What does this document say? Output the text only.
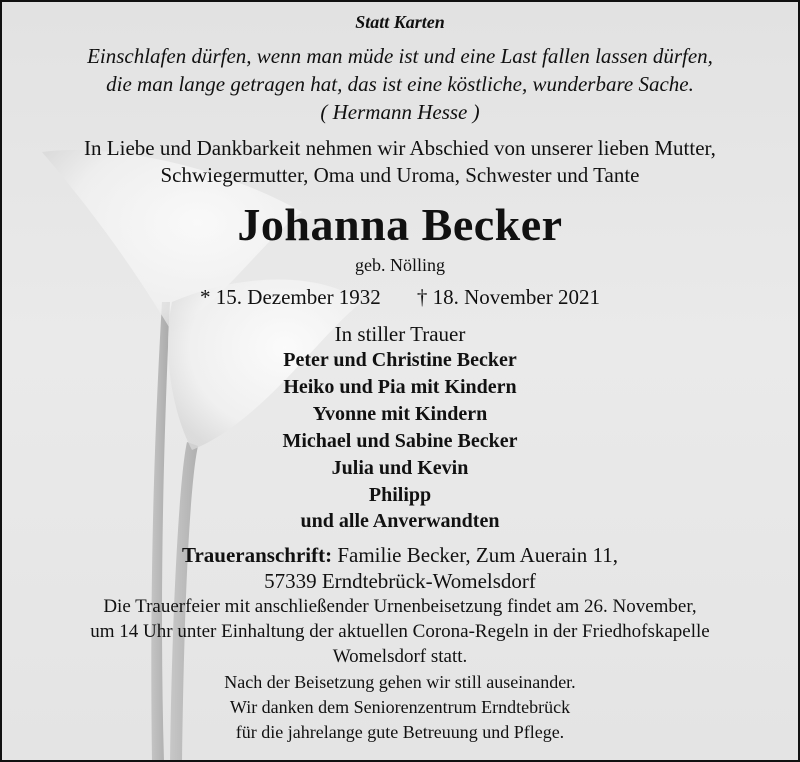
Statt Karten
Einschlafen dürfen, wenn man müde ist und eine Last fallen lassen dürfen,
die man lange getragen hat, das ist eine köstliche, wunderbare Sache.
( Hermann Hesse )
In Liebe und Dankbarkeit nehmen wir Abschied von unserer lieben Mutter,
Schwiegermutter, Oma und Uroma, Schwester und Tante
Johanna Becker
geb. Nölling
* 15. Dezember 1932 † 18. November 2021
In stiller Trauer
Peter und Christine Becker
Heiko und Pia mit Kindern
Yvonne mit Kindern
Michael und Sabine Becker
Julia und Kevin
Philipp
und alle Anverwandten
Traueranschrift: Familie Becker, Zum Auerain 11,
57339 Erndtebrück-Womelsdorf
Die Trauerfeier mit anschließender Urnenbeisetzung findet am 26. November,
um 14 Uhr unter Einhaltung der aktuellen Corona-Regeln in der Friedhofskapelle
Womelsdorf statt.
Nach der Beisetzung gehen wir still auseinander.
Wir danken dem Seniorenzentrum Erndtebrück
für die jahrelange gute Betreuung und Pflege.
